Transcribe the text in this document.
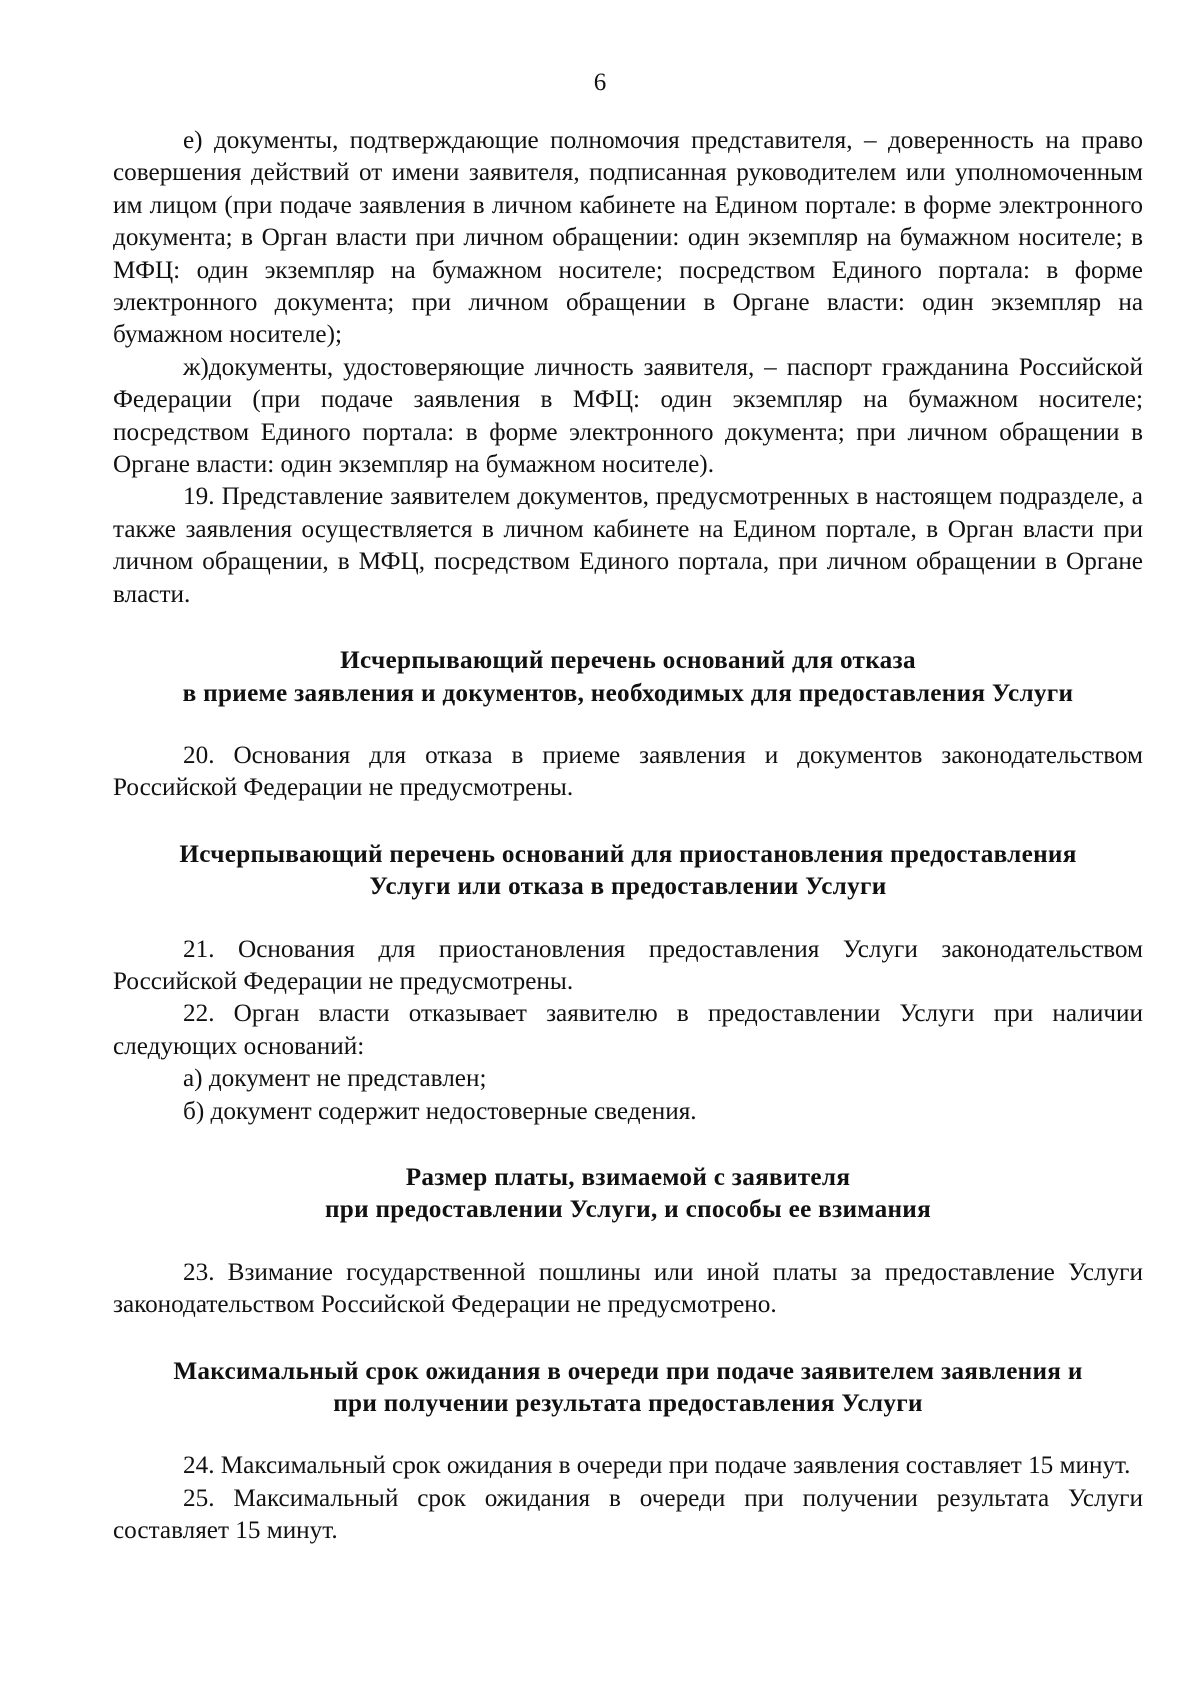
6

е) документы, подтверждающие полномочия представителя, – доверенность на право совершения действий от имени заявителя, подписанная руководителем или уполномоченным им лицом (при подаче заявления в личном кабинете на Едином портале: в форме электронного документа; в Орган власти при личном обращении: один экземпляр на бумажном носителе; в МФЦ: один экземпляр на бумажном носителе; посредством Единого портала: в форме электронного документа; при личном обращении в Органе власти: один экземпляр на бумажном носителе);

ж)документы, удостоверяющие личность заявителя, – паспорт гражданина Российской Федерации (при подаче заявления в МФЦ: один экземпляр на бумажном носителе; посредством Единого портала: в форме электронного документа; при личном обращении в Органе власти: один экземпляр на бумажном носителе).

19. Представление заявителем документов, предусмотренных в настоящем подразделе, а также заявления осуществляется в личном кабинете на Едином портале, в Орган власти при личном обращении, в МФЦ, посредством Единого портала, при личном обращении в Органе власти.

Исчерпывающий перечень оснований для отказа
в приеме заявления и документов, необходимых для предоставления Услуги

20. Основания для отказа в приеме заявления и документов законодательством Российской Федерации не предусмотрены.

Исчерпывающий перечень оснований для приостановления предоставления
Услуги или отказа в предоставлении Услуги

21. Основания для приостановления предоставления Услуги законодательством Российской Федерации не предусмотрены.

22. Орган власти отказывает заявителю в предоставлении Услуги при наличии следующих оснований:

а) документ не представлен;

б) документ содержит недостоверные сведения.

Размер платы, взимаемой с заявителя
при предоставлении Услуги, и способы ее взимания

23. Взимание государственной пошлины или иной платы за предоставление Услуги законодательством Российской Федерации не предусмотрено.

Максимальный срок ожидания в очереди при подаче заявителем заявления и
при получении результата предоставления Услуги

24. Максимальный срок ожидания в очереди при подаче заявления составляет 15 минут.

25. Максимальный срок ожидания в очереди при получении результата Услуги составляет 15 минут.
